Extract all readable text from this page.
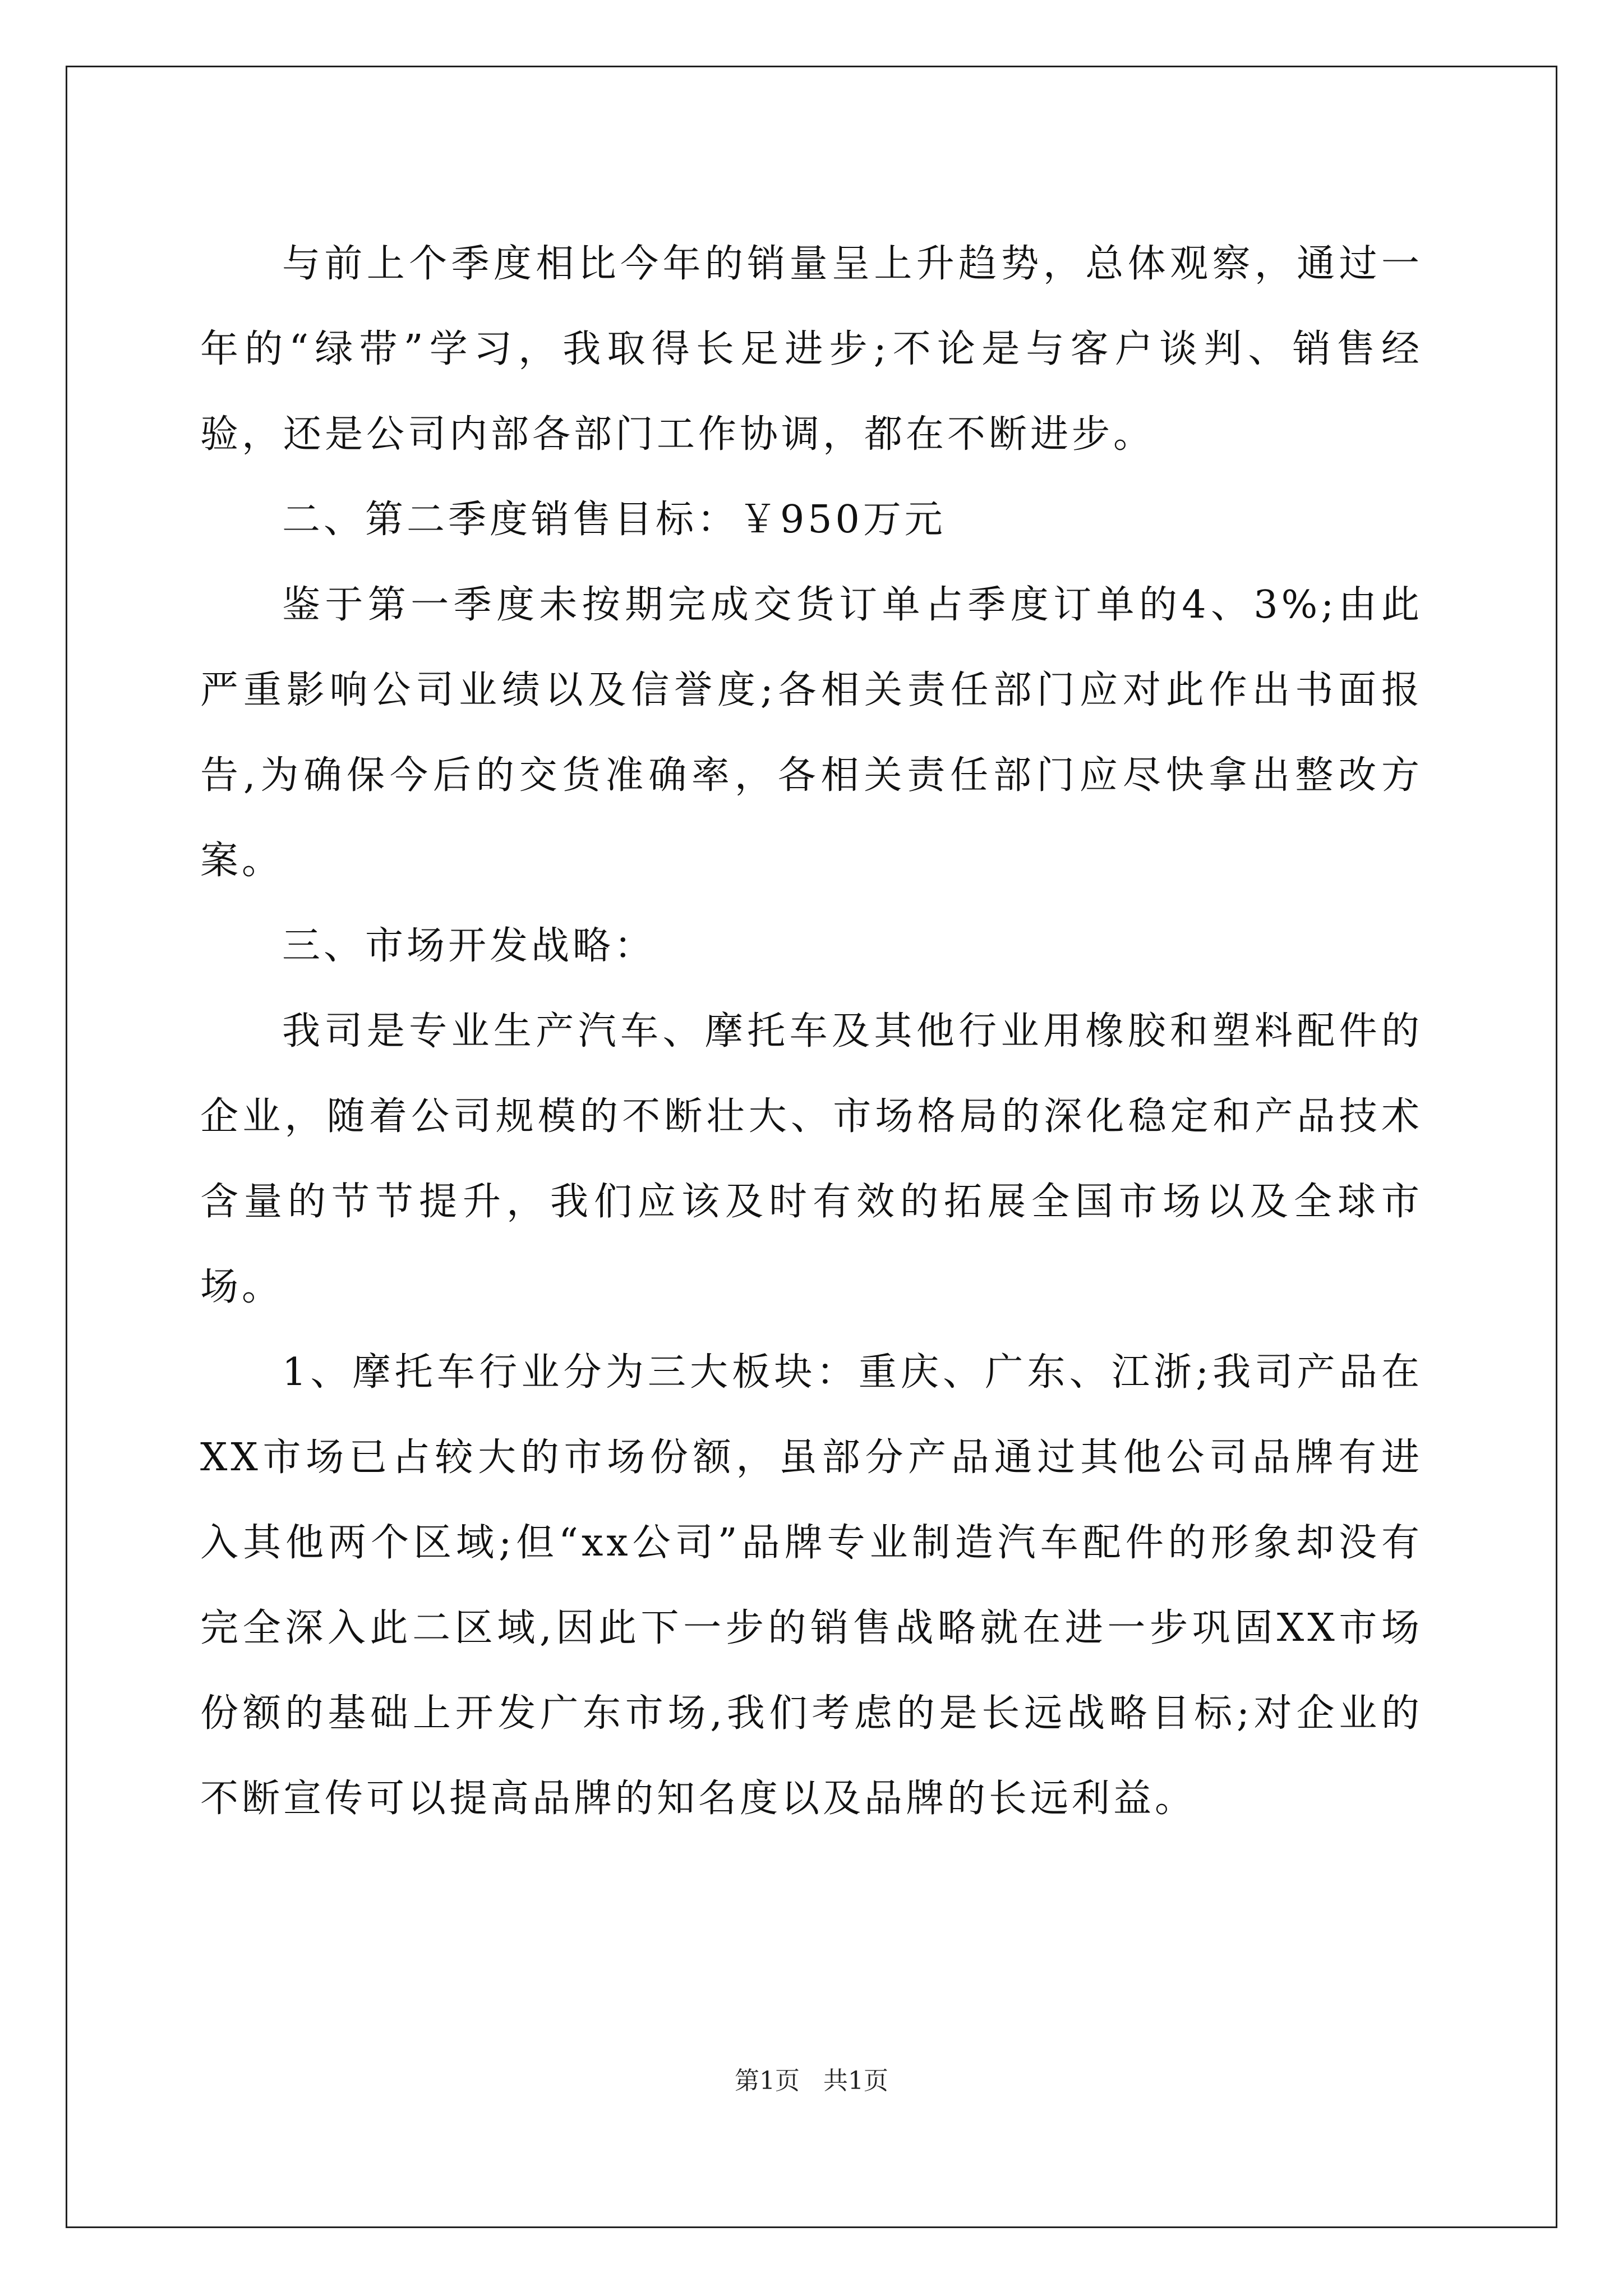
与前上个季度相比今年的销量呈上升趋势，总体观察，通过一年的“绿带”学习，我取得长足进步;不论是与客户谈判、销售经验，还是公司内部各部门工作协调，都在不断进步。

二、第二季度销售目标：￥950万元

鉴于第一季度未按期完成交货订单占季度订单的4、3%;由此严重影响公司业绩以及信誉度;各相关责任部门应对此作出书面报告,为确保今后的交货准确率，各相关责任部门应尽快拿出整改方案。

三、市场开发战略：

我司是专业生产汽车、摩托车及其他行业用橡胶和塑料配件的企业，随着公司规模的不断壮大、市场格局的深化稳定和产品技术含量的节节提升，我们应该及时有效的拓展全国市场以及全球市场。

1、摩托车行业分为三大板块：重庆、广东、江浙;我司产品在XX市场已占较大的市场份额，虽部分产品通过其他公司品牌有进入其他两个区域;但“xx公司”品牌专业制造汽车配件的形象却没有完全深入此二区域,因此下一步的销售战略就在进一步巩固XX市场份额的基础上开发广东市场,我们考虑的是长远战略目标;对企业的不断宣传可以提高品牌的知名度以及品牌的长远利益。

第1页 共1页
